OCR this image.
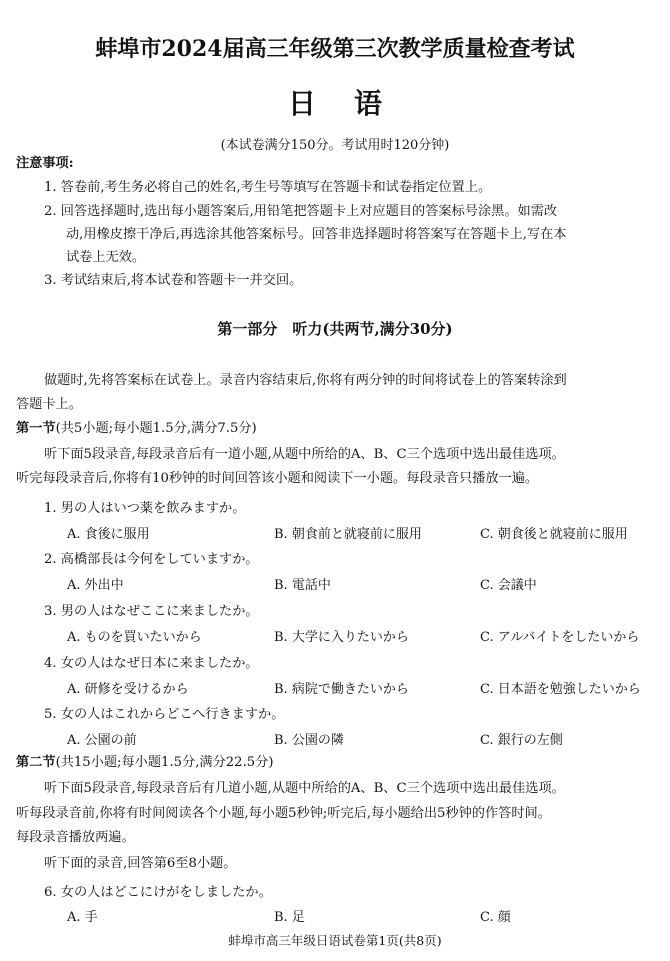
蚌埠市2024届高三年级第三次教学质量检查考试
日语
(本试卷满分150分。考试用时120分钟)
注意事项:
1. 答卷前,考生务必将自己的姓名,考生号等填写在答题卡和试卷指定位置上。
2. 回答选择题时,选出每小题答案后,用铅笔把答题卡上对应题目的答案标号涂黑。如需改
动,用橡皮擦干净后,再选涂其他答案标号。回答非选择题时将答案写在答题卡上,写在本
试卷上无效。
3. 考试结束后,将本试卷和答题卡一并交回。
第一部分　听力(共两节,满分30分)
做题时,先将答案标在试卷上。录音内容结束后,你将有两分钟的时间将试卷上的答案转涂到
答题卡上。
第一节(共5小题;每小题1.5分,满分7.5分)
听下面5段录音,每段录音后有一道小题,从题中所给的A、B、C三个选项中选出最佳选项。
听完每段录音后,你将有10秒钟的时间回答该小题和阅读下一小题。每段录音只播放一遍。
1. 男の人はいつ薬を飲みますか。
A. 食後に服用	B. 朝食前と就寝前に服用	C. 朝食後と就寝前に服用
2. 高橋部長は今何をしていますか。
A. 外出中	B. 電話中	C. 会議中
3. 男の人はなぜここに来ましたか。
A. ものを買いたいから	B. 大学に入りたいから	C. アルバイトをしたいから
4. 女の人はなぜ日本に来ましたか。
A. 研修を受けるから	B. 病院で働きたいから	C. 日本語を勉強したいから
5. 女の人はこれからどこへ行きますか。
A. 公園の前	B. 公園の隣	C. 銀行の左側
第二节(共15小题;每小题1.5分,满分22.5分)
听下面5段录音,每段录音后有几道小题,从题中所给的A、B、C三个选项中选出最佳选项。
听每段录音前,你将有时间阅读各个小题,每小题5秒钟;听完后,每小题给出5秒钟的作答时间。
每段录音播放两遍。
听下面的录音,回答第6至8小题。
6. 女の人はどこにけがをしましたか。
A. 手	B. 足	C. 顔
蚌埠市高三年级日语试卷第1页(共8页)
